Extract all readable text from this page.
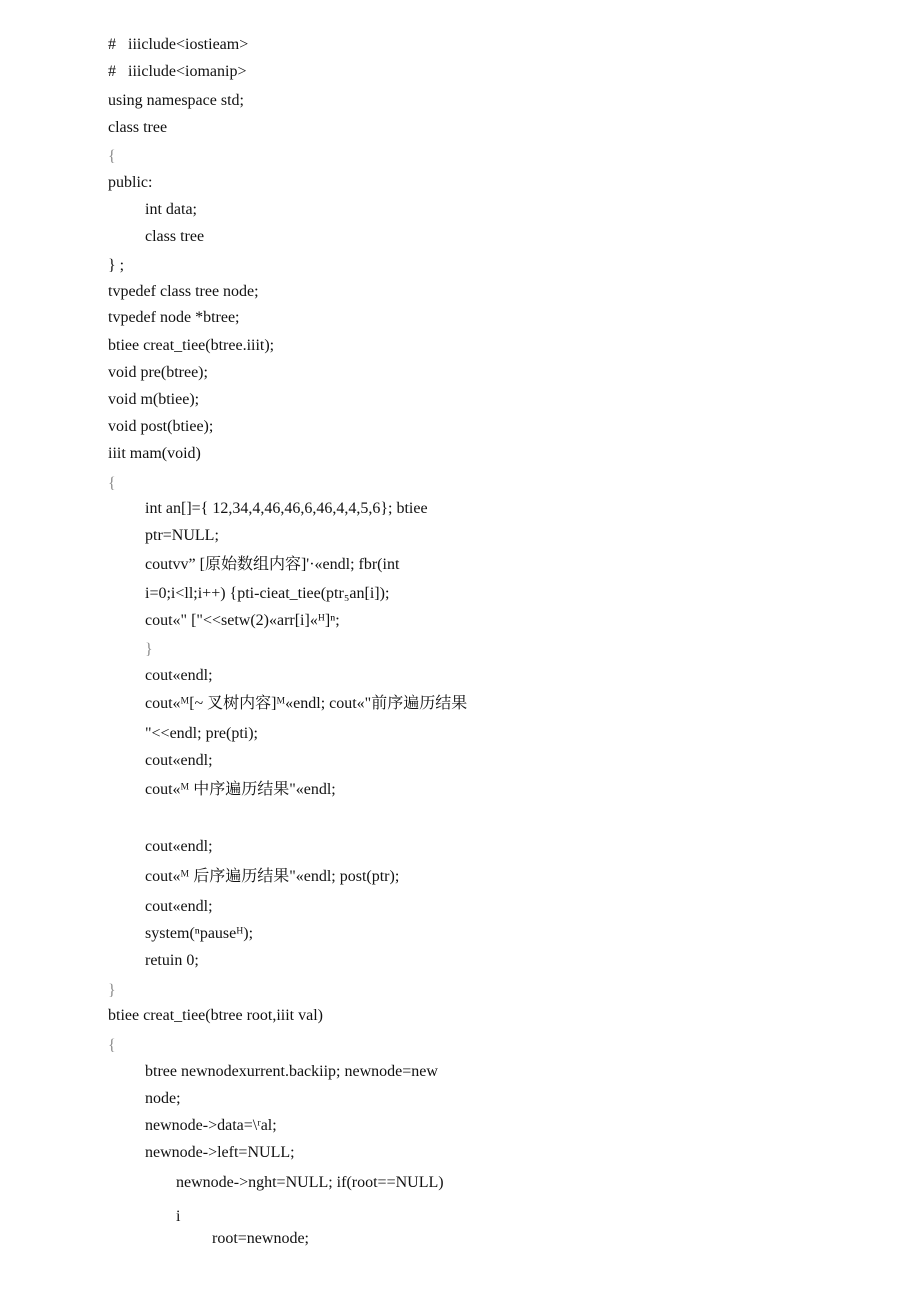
#   iiiclude<iostieam>
#   iiiclude<iomanip>
using namespace std;
class tree
{
public:
int data;
class tree
} ;
tvpedef class tree node;
tvpedef node *btree;
btiee creat_tiee(btree.iiit);
void pre(btree);
void m(btiee);
void post(btiee);
iiit mam(void)
{
int an[]={ 12,34,4,46,46,6,46,4,4,5,6}; btiee
ptr=NULL;
coutvv” [原始数组内容]'·«endl; fbr(int
i=0;i<ll;i++) {pti-cieat_tiee(ptr₅an[i]);
cout«" ["<<setw(2)«arr[i]«ᴴ]ⁿ;
}
cout«endl;
cout«ᴹ[~ 叉树内容]ᴹ«endl; cout«"前序遍历结果
"<<endl; pre(pti);
cout«endl;
cout«ᴹ 中序遍历结果"«endl;
cout«endl;
cout«ᴹ 后序遍历结果"«endl; post(ptr);
cout«endl;
system(ⁿpauseᴴ);
retuin 0;
}
btiee creat_tiee(btree root,iiit val)
{
btree newnodexurrent.backiip; newnode=new
node;
newnode->data=\ʳal;
newnode->left=NULL;
newnode->nght=NULL; if(root==NULL)
i
root=newnode;
